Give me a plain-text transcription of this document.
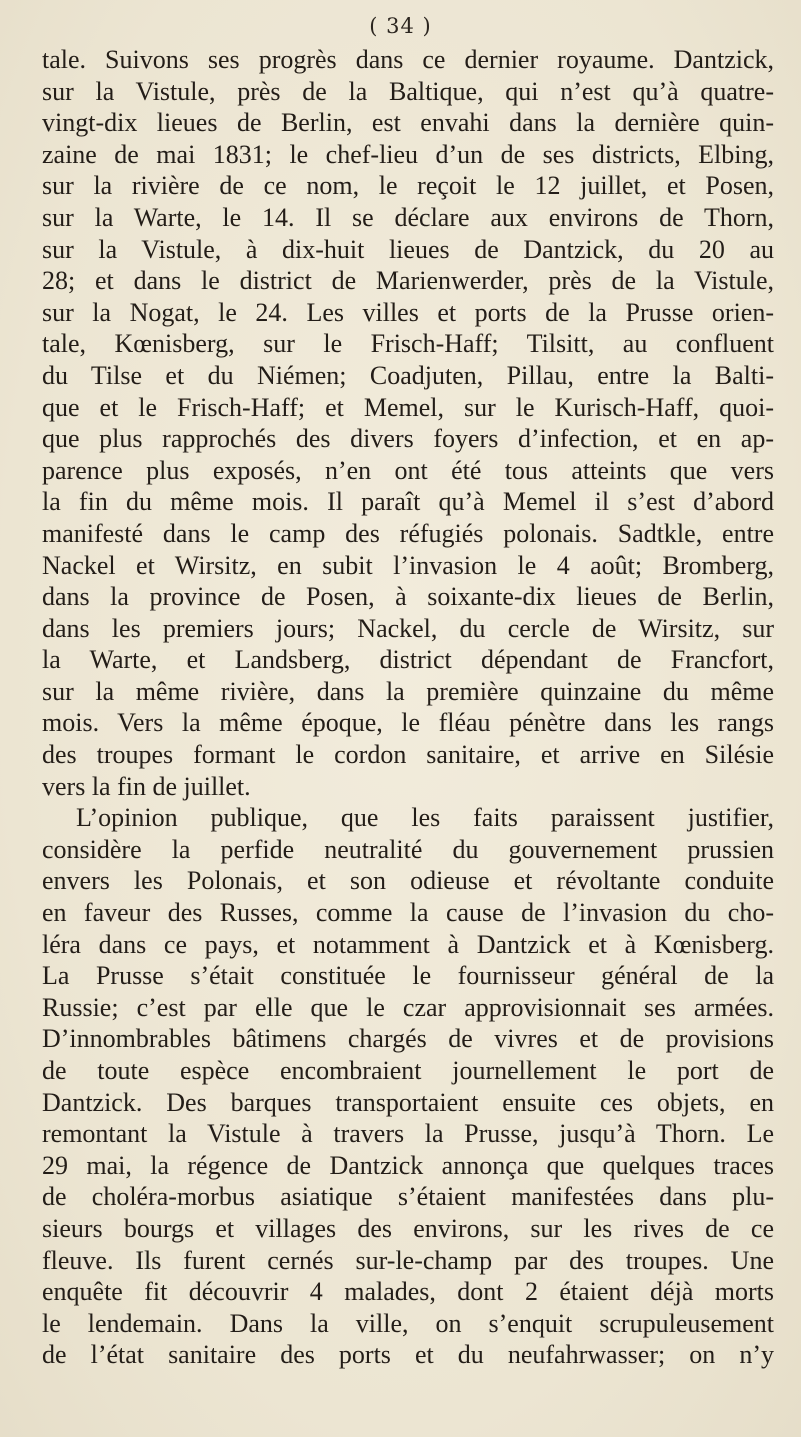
( 34 )
tale. Suivons ses progrès dans ce dernier royaume. Dantzick,
sur la Vistule, près de la Baltique, qui n’est qu’à quatre-
vingt-dix lieues de Berlin, est envahi dans la dernière quin-
zaine de mai 1831; le chef-lieu d’un de ses districts, Elbing,
sur la rivière de ce nom, le reçoit le 12 juillet, et Posen,
sur la Warte, le 14. Il se déclare aux environs de Thorn,
sur la Vistule, à dix-huit lieues de Dantzick, du 20 au
28; et dans le district de Marienwerder, près de la Vistule,
sur la Nogat, le 24. Les villes et ports de la Prusse orien-
tale, Kœnisberg, sur le Frisch-Haff; Tilsitt, au confluent
du Tilse et du Niémen; Coadjuten, Pillau, entre la Balti-
que et le Frisch-Haff; et Memel, sur le Kurisch-Haff, quoi-
que plus rapprochés des divers foyers d’infection, et en ap-
parence plus exposés, n’en ont été tous atteints que vers
la fin du même mois. Il paraît qu’à Memel il s’est d’abord
manifesté dans le camp des réfugiés polonais. Sadtkle, entre
Nackel et Wirsitz, en subit l’invasion le 4 août; Bromberg,
dans la province de Posen, à soixante-dix lieues de Berlin,
dans les premiers jours; Nackel, du cercle de Wirsitz, sur
la Warte, et Landsberg, district dépendant de Francfort,
sur la même rivière, dans la première quinzaine du même
mois. Vers la même époque, le fléau pénètre dans les rangs
des troupes formant le cordon sanitaire, et arrive en Silésie
vers la fin de juillet.
L’opinion publique, que les faits paraissent justifier,
considère la perfide neutralité du gouvernement prussien
envers les Polonais, et son odieuse et révoltante conduite
en faveur des Russes, comme la cause de l’invasion du cho-
léra dans ce pays, et notamment à Dantzick et à Kœnisberg.
La Prusse s’était constituée le fournisseur général de la
Russie; c’est par elle que le czar approvisionnait ses armées.
D’innombrables bâtimens chargés de vivres et de provisions
de toute espèce encombraient journellement le port de
Dantzick. Des barques transportaient ensuite ces objets, en
remontant la Vistule à travers la Prusse, jusqu’à Thorn. Le
29 mai, la régence de Dantzick annonça que quelques traces
de choléra-morbus asiatique s’étaient manifestées dans plu-
sieurs bourgs et villages des environs, sur les rives de ce
fleuve. Ils furent cernés sur-le-champ par des troupes. Une
enquête fit découvrir 4 malades, dont 2 étaient déjà morts
le lendemain. Dans la ville, on s’enquit scrupuleusement
de l’état sanitaire des ports et du neufahrwasser; on n’y
